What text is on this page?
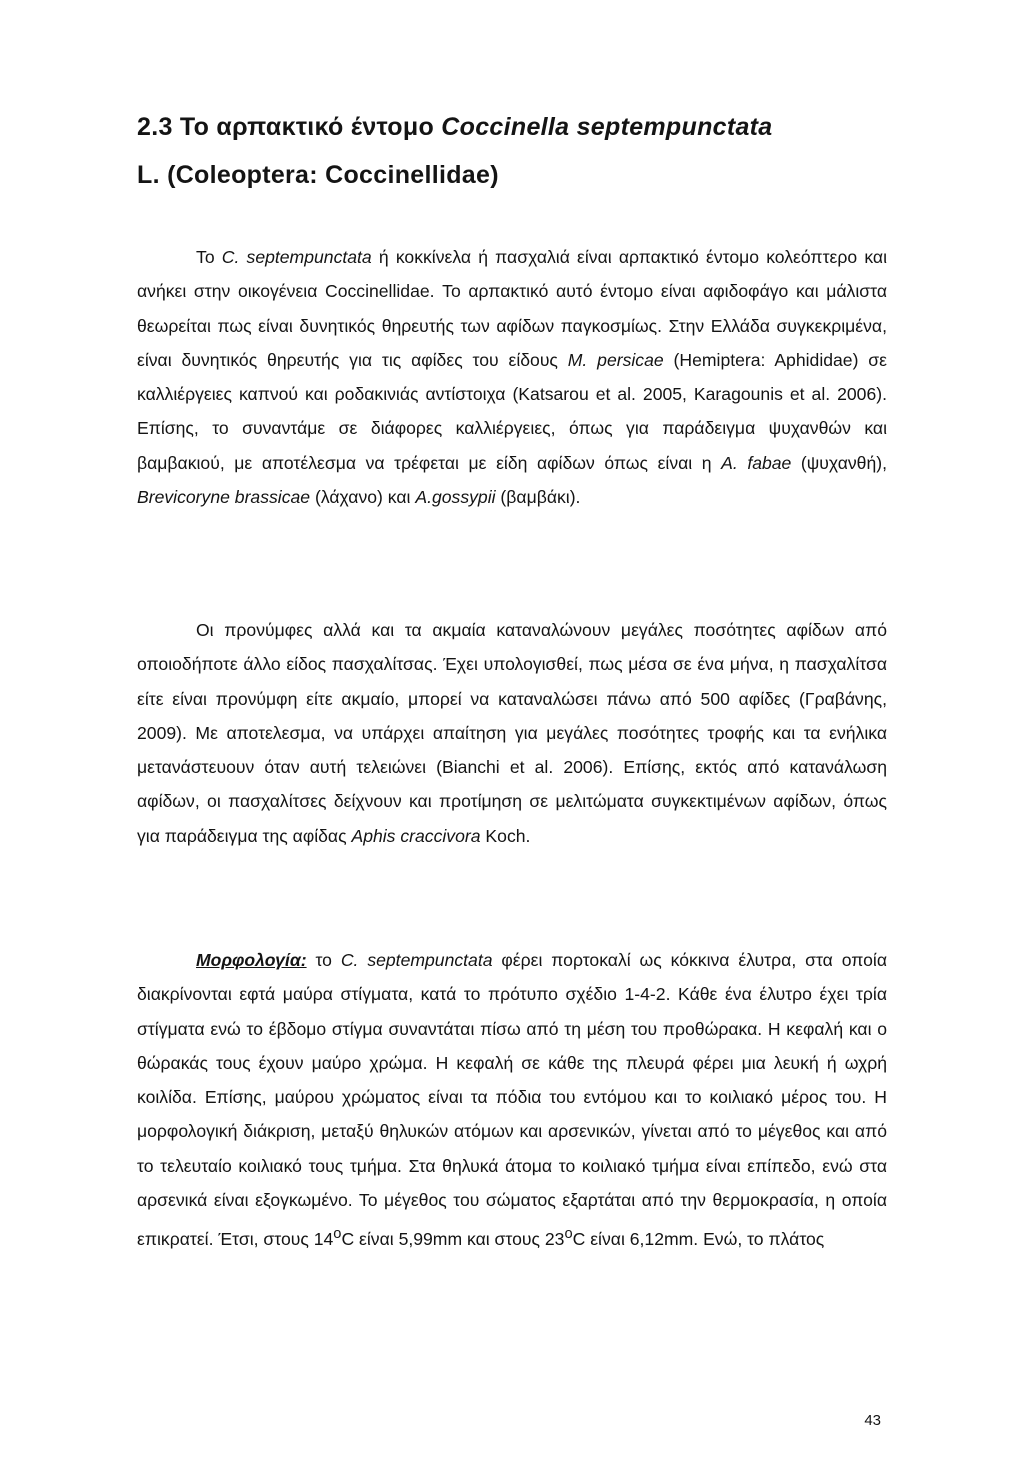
2.3 Το αρπακτικό έντομο Coccinella septempunctata
L. (Coleoptera: Coccinellidae)
Το C. septempunctata ή κοκκίνελα ή πασχαλιά είναι αρπακτικό έντομο κολεόπτερο και ανήκει στην οικογένεια Coccinellidae. Το αρπακτικό αυτό έντομο είναι αφιδοφάγο και μάλιστα θεωρείται πως είναι δυνητικός θηρευτής των αφίδων παγκοσμίως. Στην Ελλάδα συγκεκριμένα, είναι δυνητικός θηρευτής για τις αφίδες του είδους M. persicae (Hemiptera: Aphididae) σε καλλιέργειες καπνού και ροδακινιάς αντίστοιχα (Katsarou et al. 2005, Karagounis et al. 2006). Επίσης, το συναντάμε σε διάφορες καλλιέργειες, όπως για παράδειγμα ψυχανθών και βαμβακιού, με αποτέλεσμα να τρέφεται με είδη αφίδων όπως είναι η A. fabae (ψυχανθή), Brevicoryne brassicae (λάχανο) και A.gossypii (βαμβάκι).
Οι προνύμφες αλλά και τα ακμαία καταναλώνουν μεγάλες ποσότητες αφίδων από οποιοδήποτε άλλο είδος πασχαλίτσας. Έχει υπολογισθεί, πως μέσα σε ένα μήνα, η πασχαλίτσα είτε είναι προνύμφη είτε ακμαίο, μπορεί να καταναλώσει πάνω από 500 αφίδες (Γραβάνης, 2009). Με αποτελεσμα, να υπάρχει απαίτηση για μεγάλες ποσότητες τροφής και τα ενήλικα μετανάστευουν όταν αυτή τελειώνει (Bianchi et al. 2006). Επίσης, εκτός από κατανάλωση αφίδων, οι πασχαλίτσες δείχνουν και προτίμηση σε μελιτώματα συγκεκτιμένων αφίδων, όπως για παράδειγμα της αφίδας Aphis craccivora Koch.
Μορφολογία: το C. septempunctata φέρει πορτοκαλί ως κόκκινα έλυτρα, στα οποία διακρίνονται εφτά μαύρα στίγματα, κατά το πρότυπο σχέδιο 1-4-2. Κάθε ένα έλυτρο έχει τρία στίγματα ενώ το έβδομο στίγμα συναντάται πίσω από τη μέση του προθώρακα. Η κεφαλή και ο θώρακάς τους έχουν μαύρο χρώμα. Η κεφαλή σε κάθε της πλευρά φέρει μια λευκή ή ωχρή κοιλίδα. Επίσης, μαύρου χρώματος είναι τα πόδια του εντόμου και το κοιλιακό μέρος του. Η μορφολογική διάκριση, μεταξύ θηλυκών ατόμων και αρσενικών, γίνεται από το μέγεθος και από το τελευταίο κοιλιακό τους τμήμα. Στα θηλυκά άτομα το κοιλιακό τμήμα είναι επίπεδο, ενώ στα αρσενικά είναι εξογκωμένο. Το μέγεθος του σώματος εξαρτάται από την θερμοκρασία, η οποία επικρατεί. Έτσι, στους $14^oC$ είναι 5,99mm και στους $23^oC$ είναι 6,12mm. Ενώ, το πλάτος
43
